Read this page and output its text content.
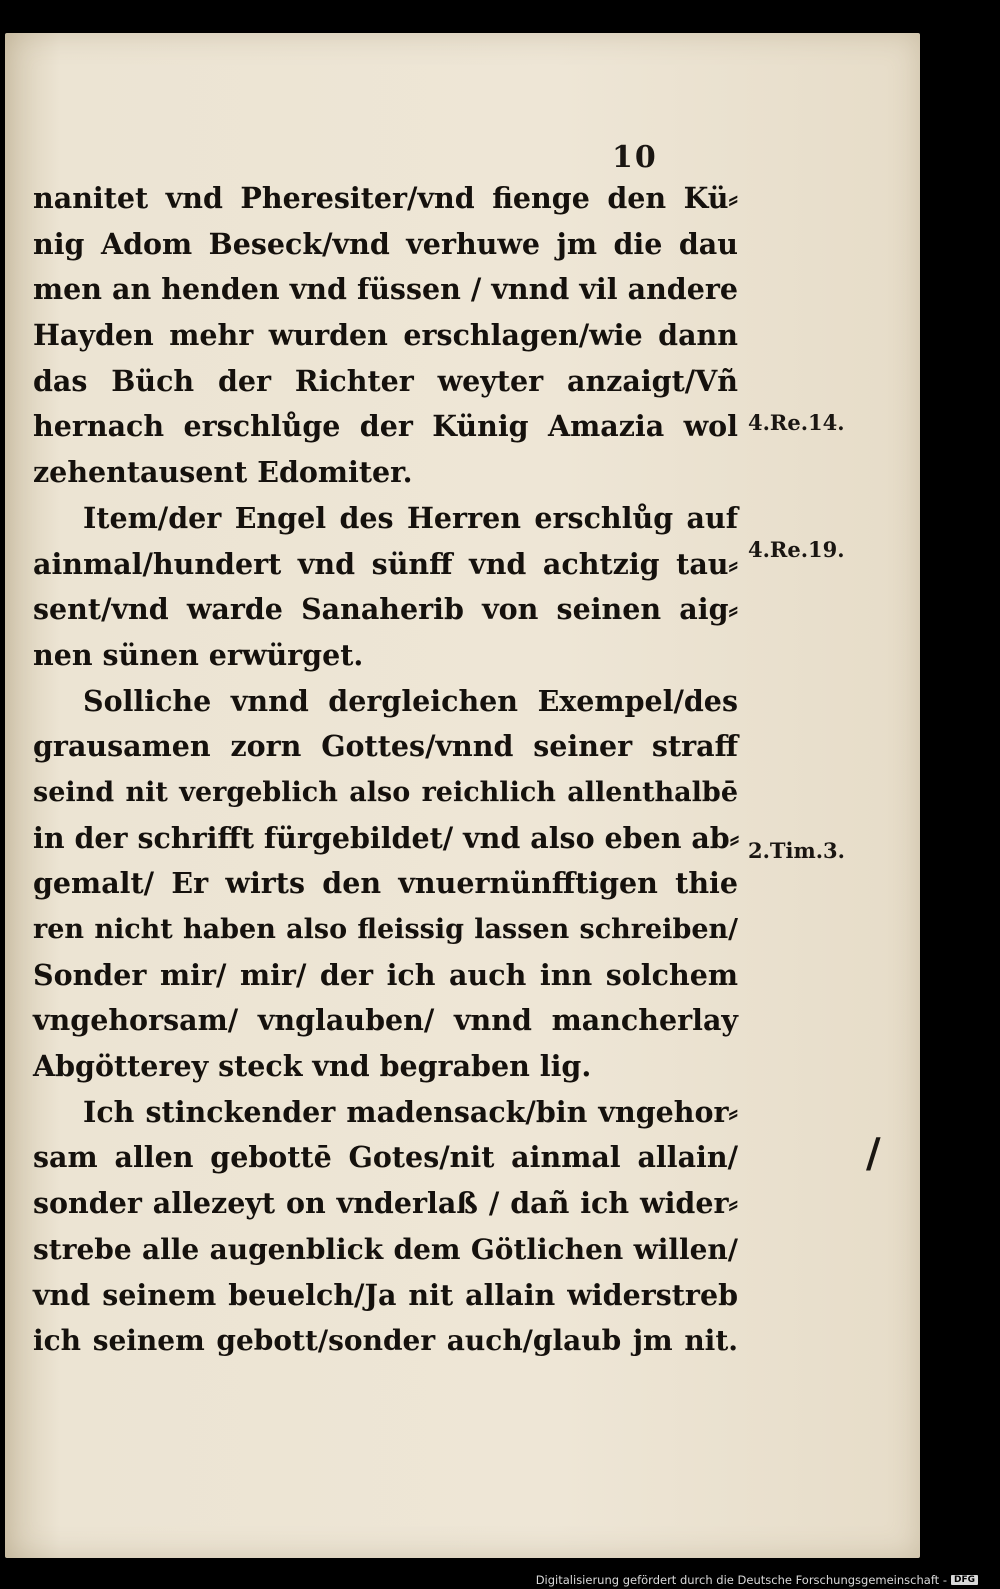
10
nanitet vnd Pheresiter/vnd fienge den Kü⸗
nig Adom Beseck/vnd verhuwe jm die dau
men an henden vnd füssen / vnnd vil andere
Hayden mehr wurden erschlagen/wie dann
das Büch der Richter weyter anzaigt/Vñ
hernach erschlůge der Künig Amazia wol
zehentausent Edomiter.
Item/der Engel des Herren erschlůg auf
ainmal/hundert vnd sünff vnd achtzig tau⸗
sent/vnd warde Sanaherib von seinen aig⸗
nen sünen erwürget.
Solliche vnnd dergleichen Exempel/des
grausamen zorn Gottes/vnnd seiner straff
seind nit vergeblich also reichlich allenthalbē
in der schrifft fürgebildet/ vnd also eben ab⸗
gemalt/ Er wirts den vnuernünfftigen thie
ren nicht haben also fleissig lassen schreiben/
Sonder mir/ mir/ der ich auch inn solchem
vngehorsam/ vnglauben/ vnnd mancherlay
Abgötterey steck vnd begraben lig.
Ich stinckender madensack/bin vngehor⸗
sam allen gebottē Gotes/nit ainmal allain/
sonder allezeyt on vnderlaß / dañ ich wider⸗
strebe alle augenblick dem Götlichen willen/
vnd seinem beuelch/Ja nit allain widerstreb
ich seinem gebott/sonder auch/glaub jm nit.
4.Re.14.
4.Re.19.
2.Tim.3.
/
Digitalisierung gefördert durch die Deutsche Forschungsgemeinschaft - DFG
